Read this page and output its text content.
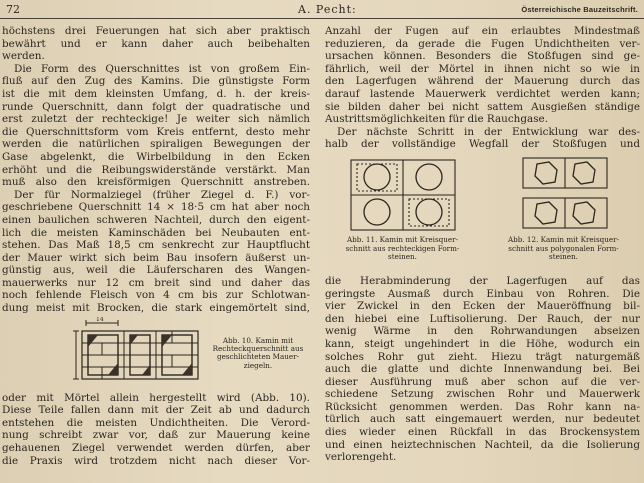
72	A. Pecht:	Österreichische Bauzeitschrift.
höchstens drei Feuerungen hat sich aber praktisch
bewährt und er kann daher auch beibehalten
werden.
Die Form des Querschnittes ist von großem Ein-
fluß auf den Zug des Kamins. Die günstigste Form
ist die mit dem kleinsten Umfang, d. h. der kreis-
runde Querschnitt, dann folgt der quadratische und
erst zuletzt der rechteckige! Je weiter sich nämlich
die Querschnittsform vom Kreis entfernt, desto mehr
werden die natürlichen spiraligen Bewegungen der
Gase abgelenkt, die Wirbelbildung in den Ecken
erhöht und die Reibungswiderstände verstärkt. Man
muß also den kreisförmigen Querschnitt anstreben.
Der für Normalziegel (früher Ziegel d. F.) vor-
geschriebene Querschnitt 14 × 18·5 cm hat aber noch
einen baulichen schweren Nachteil, durch den eigent-
lich die meisten Kaminschäden bei Neubauten ent-
stehen. Das Maß 18,5 cm senkrecht zur Hauptflucht
der Mauer wirkt sich beim Bau insofern äußerst un-
günstig aus, weil die Läuferscharen des Wangen-
mauerwerks nur 12 cm breit sind und daher das
noch fehlende Fleisch von 4 cm bis zur Schlotwan-
dung meist mit Brocken, die stark eingemörtelt sind,
14
Abb. 10. Kamin mit
Rechteckquerschnitt aus
geschlichteten Mauer-
ziegeln.
oder mit Mörtel allein hergestellt wird (Abb. 10).
Diese Teile fallen dann mit der Zeit ab und dadurch
entstehen die meisten Undichtheiten. Die Verord-
nung schreibt zwar vor, daß zur Mauerung keine
gehauenen Ziegel verwendet werden dürfen, aber
die Praxis wird trotzdem nicht nach dieser Vor-
Anzahl der Fugen auf ein erlaubtes Mindestmaß
reduzieren, da gerade die Fugen Undichtheiten ver-
ursachen können. Besonders die Stoßfugen sind ge-
fährlich, weil der Mörtel in ihnen nicht so wie in
den Lagerfugen während der Mauerung durch das
darauf lastende Mauerwerk verdichtet werden kann;
sie bilden daher bei nicht sattem Ausgießen ständige
Austrittsmöglichkeiten für die Rauchgase.
Der nächste Schritt in der Entwicklung war des-
halb der vollständige Wegfall der Stoßfugen und
Abb. 11. Kamin mit Kreisquer-
schnitt aus rechteckigen Form-
steinen.
Abb. 12. Kamin mit Kreisquer-
schnitt aus polygonalen Form-
steinen.
die Herabminderung der Lagerfugen auf das
geringste Ausmaß durch Einbau von Rohren. Die
vier Zwickel in den Ecken der Maueröffnung bil-
den hiebei eine Luftisolierung. Der Rauch, der nur
wenig Wärme in den Rohrwandungen abseizen
kann, steigt ungehindert in die Höhe, wodurch ein
solches Rohr gut zieht. Hiezu trägt naturgemäß
auch die glatte und dichte Innenwandung bei. Bei
dieser Ausführung muß aber schon auf die ver-
schiedene Setzung zwischen Rohr und Mauerwerk
Rücksicht genommen werden. Das Rohr kann na-
türlich auch satt eingemauert werden, nur bedeutet
dies wieder einen Rückfall in das Brockensystem
und einen heiztechnischen Nachteil, da die Isolierung
verlorengeht.
